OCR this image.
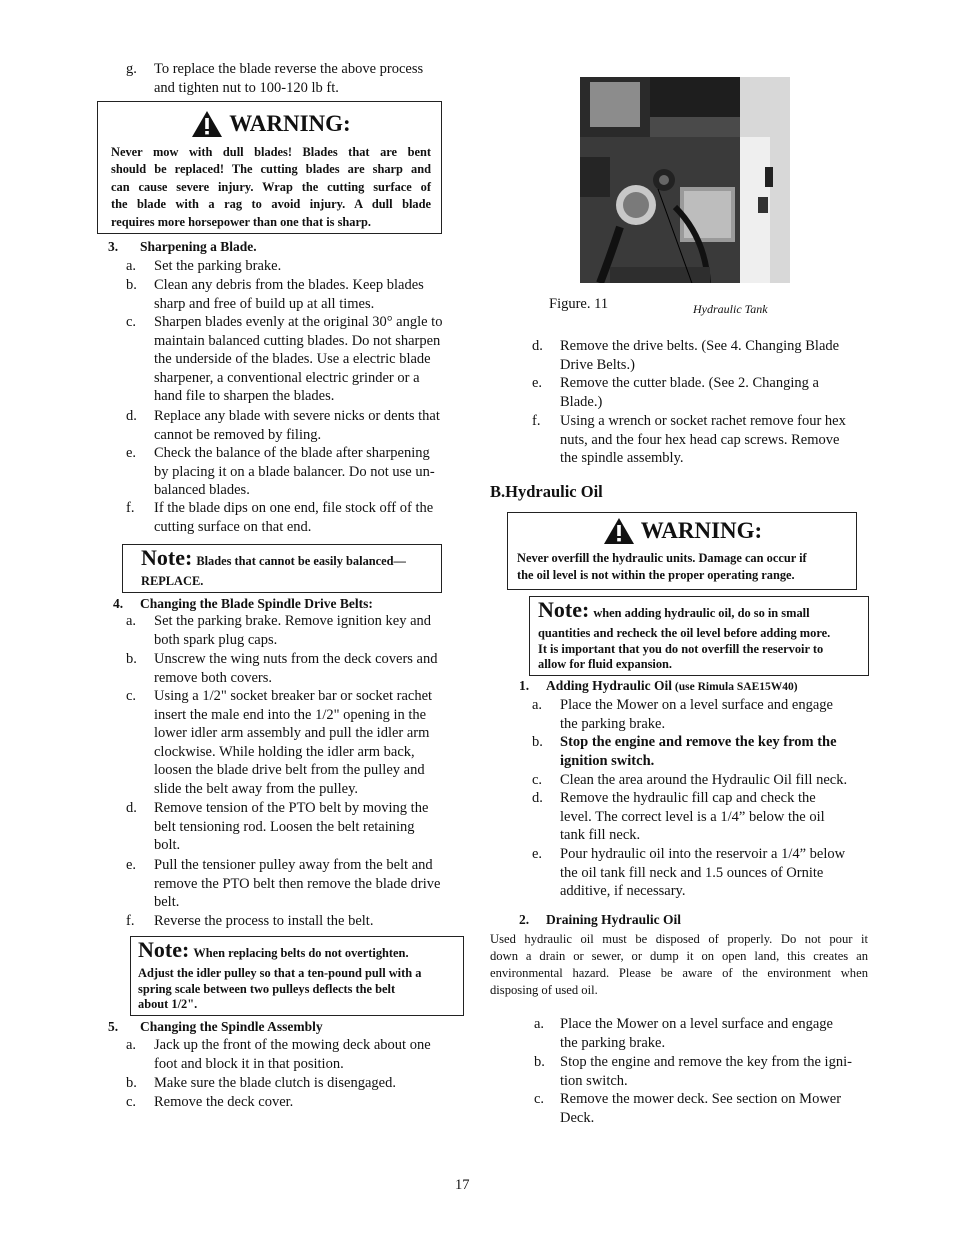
g. To replace the blade reverse the above process
and tighten nut to 100-120 lb ft.
WARNING:
Never mow with dull blades! Blades that are bent
should be replaced! The cutting blades are sharp and
can cause severe injury. Wrap the cutting surface of
the blade with a rag to avoid injury. A dull blade
requires more horsepower than one that is sharp.
3. Sharpening a Blade.
a. Set the parking brake.
b. Clean any debris from the blades. Keep blades
sharp and free of build up at all times.
c. Sharpen blades evenly at the original 30° angle to
maintain balanced cutting blades. Do not sharpen
the underside of the blades. Use a electric blade
sharpener, a conventional electric grinder or a
hand file to sharpen the blades.
d. Replace any blade with severe nicks or dents that
cannot be removed by filing.
e. Check the balance of the blade after sharpening
by placing it on a blade balancer. Do not use un-
balanced blades.
f. If the blade dips on one end, file stock off of the
cutting surface on that end.
Note: Blades that cannot be easily balanced—
REPLACE.
4. Changing the Blade Spindle Drive Belts:
a. Set the parking brake. Remove ignition key and
both spark plug caps.
b. Unscrew the wing nuts from the deck covers and
remove both covers.
c. Using a 1/2" socket breaker bar or socket rachet
insert the male end into the 1/2" opening in the
lower idler arm assembly and pull the idler arm
clockwise. While holding the idler arm back,
loosen the blade drive belt from the pulley and
slide the belt away from the pulley.
d. Remove tension of the PTO belt by moving the
belt tensioning rod. Loosen the belt retaining
bolt.
e. Pull the tensioner pulley away from the belt and
remove the PTO belt then remove the blade drive
belt.
f. Reverse the process to install the belt.
Note: When replacing belts do not overtighten.
Adjust the idler pulley so that a ten-pound pull with a
spring scale between two pulleys deflects the belt
about 1/2".
5. Changing the Spindle Assembly
a. Jack up the front of the mowing deck about one
foot and block it in that position.
b. Make sure the blade clutch is disengaged.
c. Remove the deck cover.
Figure. 11	Hydraulic Tank
d. Remove the drive belts. (See 4. Changing Blade
Drive Belts.)
e. Remove the cutter blade. (See 2. Changing a
Blade.)
f. Using a wrench or socket rachet remove four hex
nuts, and the four hex head cap screws. Remove
the spindle assembly.
B.Hydraulic Oil
WARNING:
Never overfill the hydraulic units. Damage can occur if
the oil level is not within the proper operating range.
Note: when adding hydraulic oil, do so in small
quantities and recheck the oil level before adding more.
It is important that you do not overfill the reservoir to
allow for fluid expansion.
1. Adding Hydraulic Oil (use Rimula SAE15W40)
a. Place the Mower on a level surface and engage
the parking brake.
b. Stop the engine and remove the key from the
ignition switch.
c. Clean the area around the Hydraulic Oil fill neck.
d. Remove the hydraulic fill cap and check the
level. The correct level is a 1/4” below the oil
tank fill neck.
e. Pour hydraulic oil into the reservoir a 1/4” below
the oil tank fill neck and 1.5 ounces of Ornite
additive, if necessary.
2. Draining Hydraulic Oil
Used hydraulic oil must be disposed of properly. Do not pour it
down a drain or sewer, or dump it on open land, this creates an
environmental hazard. Please be aware of the environment when
disposing of used oil.
a. Place the Mower on a level surface and engage
the parking brake.
b. Stop the engine and remove the key from the igni-
tion switch.
c. Remove the mower deck. See section on Mower
Deck.
17
